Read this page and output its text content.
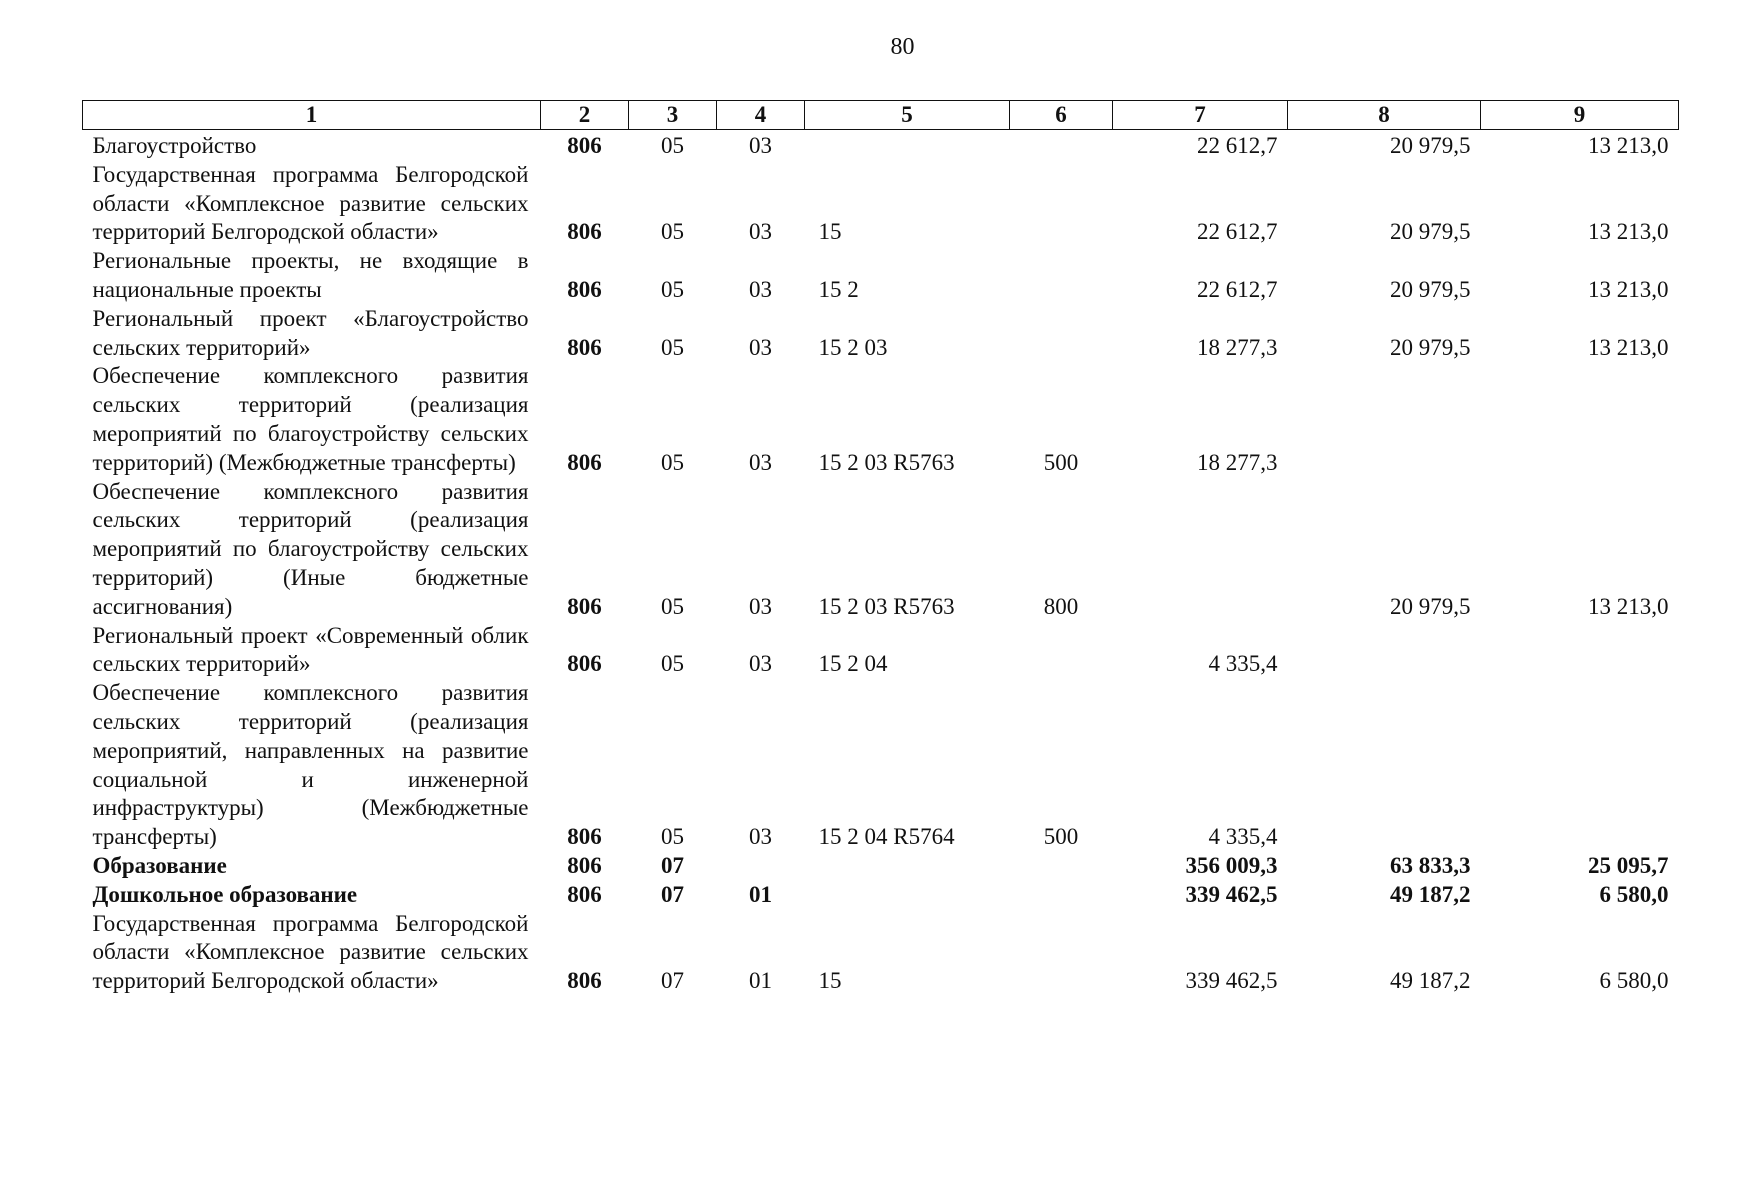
80
1	2	3	4	5	6	7	8	9
Благоустройство	806	05	03			22 612,7	20 979,5	13 213,0
Государственная программа Белгородской области «Комплексное развитие сельских территорий Белгородской области»	806	05	03	15		22 612,7	20 979,5	13 213,0
Региональные проекты, не входящие в национальные проекты	806	05	03	15 2		22 612,7	20 979,5	13 213,0
Региональный проект «Благоустройство сельских территорий»	806	05	03	15 2 03		18 277,3	20 979,5	13 213,0
Обеспечение комплексного развития сельских территорий (реализация мероприятий по благоустройству сельских территорий) (Межбюджетные трансферты)	806	05	03	15 2 03 R5763	500	18 277,3		
Обеспечение комплексного развития сельских территорий (реализация мероприятий по благоустройству сельских территорий) (Иные бюджетные ассигнования)	806	05	03	15 2 03 R5763	800		20 979,5	13 213,0
Региональный проект «Современный облик сельских территорий»	806	05	03	15 2 04		4 335,4		
Обеспечение комплексного развития сельских территорий (реализация мероприятий, направленных на развитие социальной и инженерной инфраструктуры) (Межбюджетные трансферты)	806	05	03	15 2 04 R5764	500	4 335,4		
Образование	806	07				356 009,3	63 833,3	25 095,7
Дошкольное образование	806	07	01			339 462,5	49 187,2	6 580,0
Государственная программа Белгородской области «Комплексное развитие сельских территорий Белгородской области»	806	07	01	15		339 462,5	49 187,2	6 580,0
